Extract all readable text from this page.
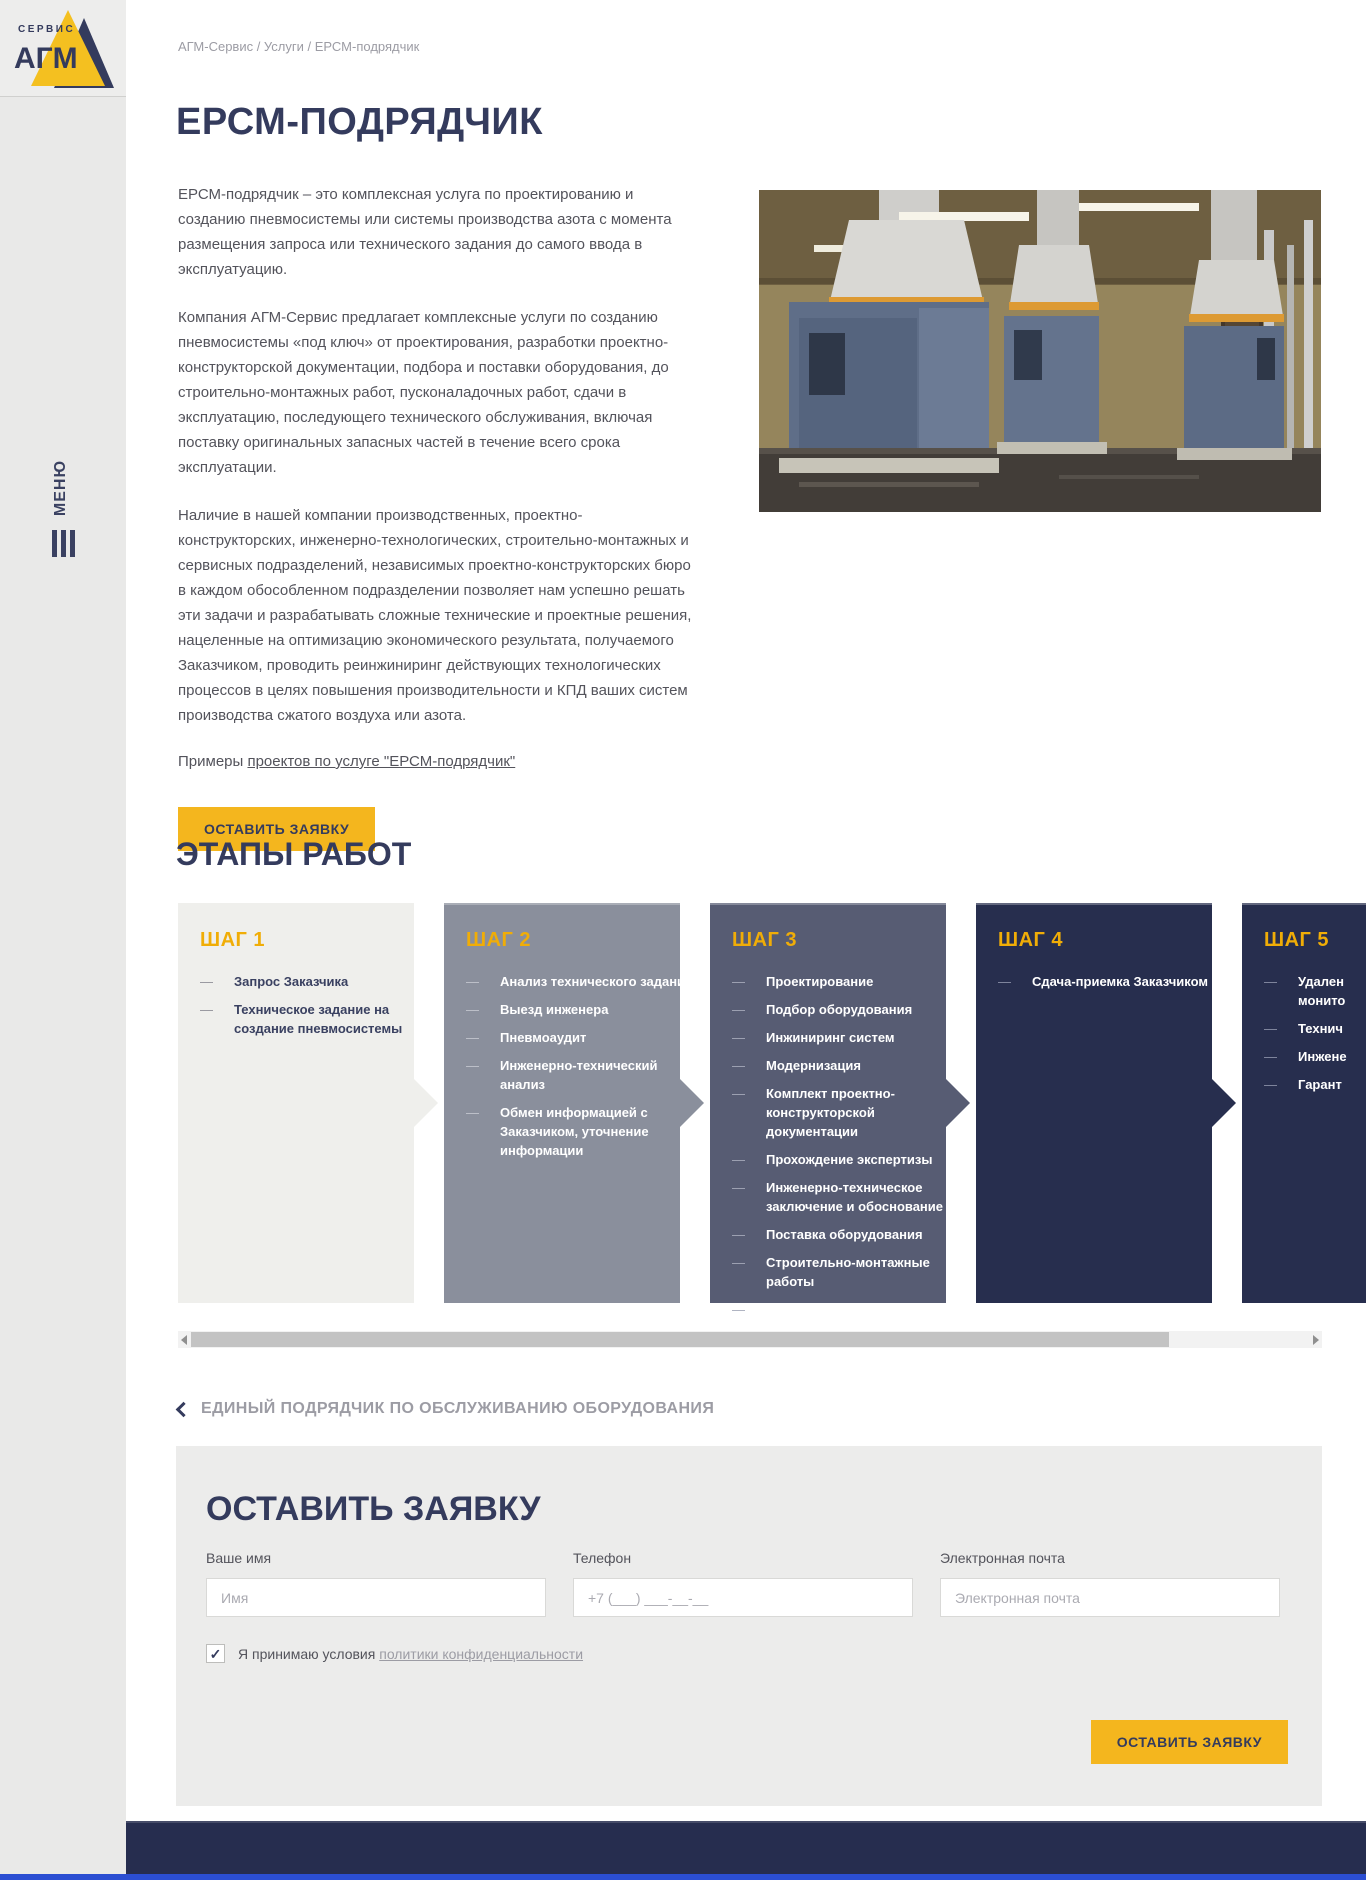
СЕРВИС
АГМ
МЕНЮ
АГМ-Сервис / Услуги / ЕРСМ-подрядчик
ЕРСМ-ПОДРЯДЧИК

ЕРСМ-подрядчик – это комплексная услуга по проектированию и созданию пневмосистемы или системы производства азота с момента размещения запроса или технического задания до самого ввода в эксплуатуацию.

Компания АГМ-Сервис предлагает комплексные услуги по созданию пневмосистемы «под ключ» от проектирования, разработки проектно-конструкторской документации, подбора и поставки оборудования, до строительно-монтажных работ, пусконаладочных работ, сдачи в эксплуатацию, последующего технического обслуживания, включая поставку оригинальных запасных частей в течение всего срока эксплуатации.

Наличие в нашей компании производственных, проектно-конструкторских, инженерно-технологических, строительно-монтажных и сервисных подразделений, независимых проектно-конструкторских бюро в каждом обособленном подразделении позволяет нам успешно решать эти задачи и разрабатывать сложные технические и проектные решения, нацеленные на оптимизацию экономического результата, получаемого Заказчиком, проводить реинжиниринг действующих технологических процессов в целях повышения производительности и КПД ваших систем производства сжатого воздуха или азота.

Примеры проектов по услуге "ЕРСМ-подрядчик"
ОСТАВИТЬ ЗАЯВКУ
ЭТАПЫ РАБОТ
ШАГ 1
— Запрос Заказчика
— Техническое задание на
создание пневмосистемы
ШАГ 2
— Анализ технического задания
— Выезд инженера
— Пневмоаудит
— Инженерно-технический
анализ
— Обмен информацией с
Заказчиком, уточнение
информации
ШАГ 3
— Проектирование
— Подбор оборудования
— Инжиниринг систем
— Модернизация
— Комплект проектно-
конструкторской
документации
— Прохождение экспертизы
— Инженерно-техническое
заключение и обоснование
— Поставка оборудования
— Строительно-монтажные
работы
— Пусконаладочные работы
ШАГ 4
— Сдача-приемка Заказчиком
ШАГ 5
— Удален
монито
— Технич
— Инжене
— Гарант
ЕДИНЫЙ ПОДРЯДЧИК ПО ОБСЛУЖИВАНИЮ ОБОРУДОВАНИЯ
ОСТАВИТЬ ЗАЯВКУ
Ваше имя
Имя	Телефон
+7 (___) ___-__-__	Электронная почта
Электронная почта
✓ Я принимаю условия политики конфиденциальности
ОСТАВИТЬ ЗАЯВКУ
